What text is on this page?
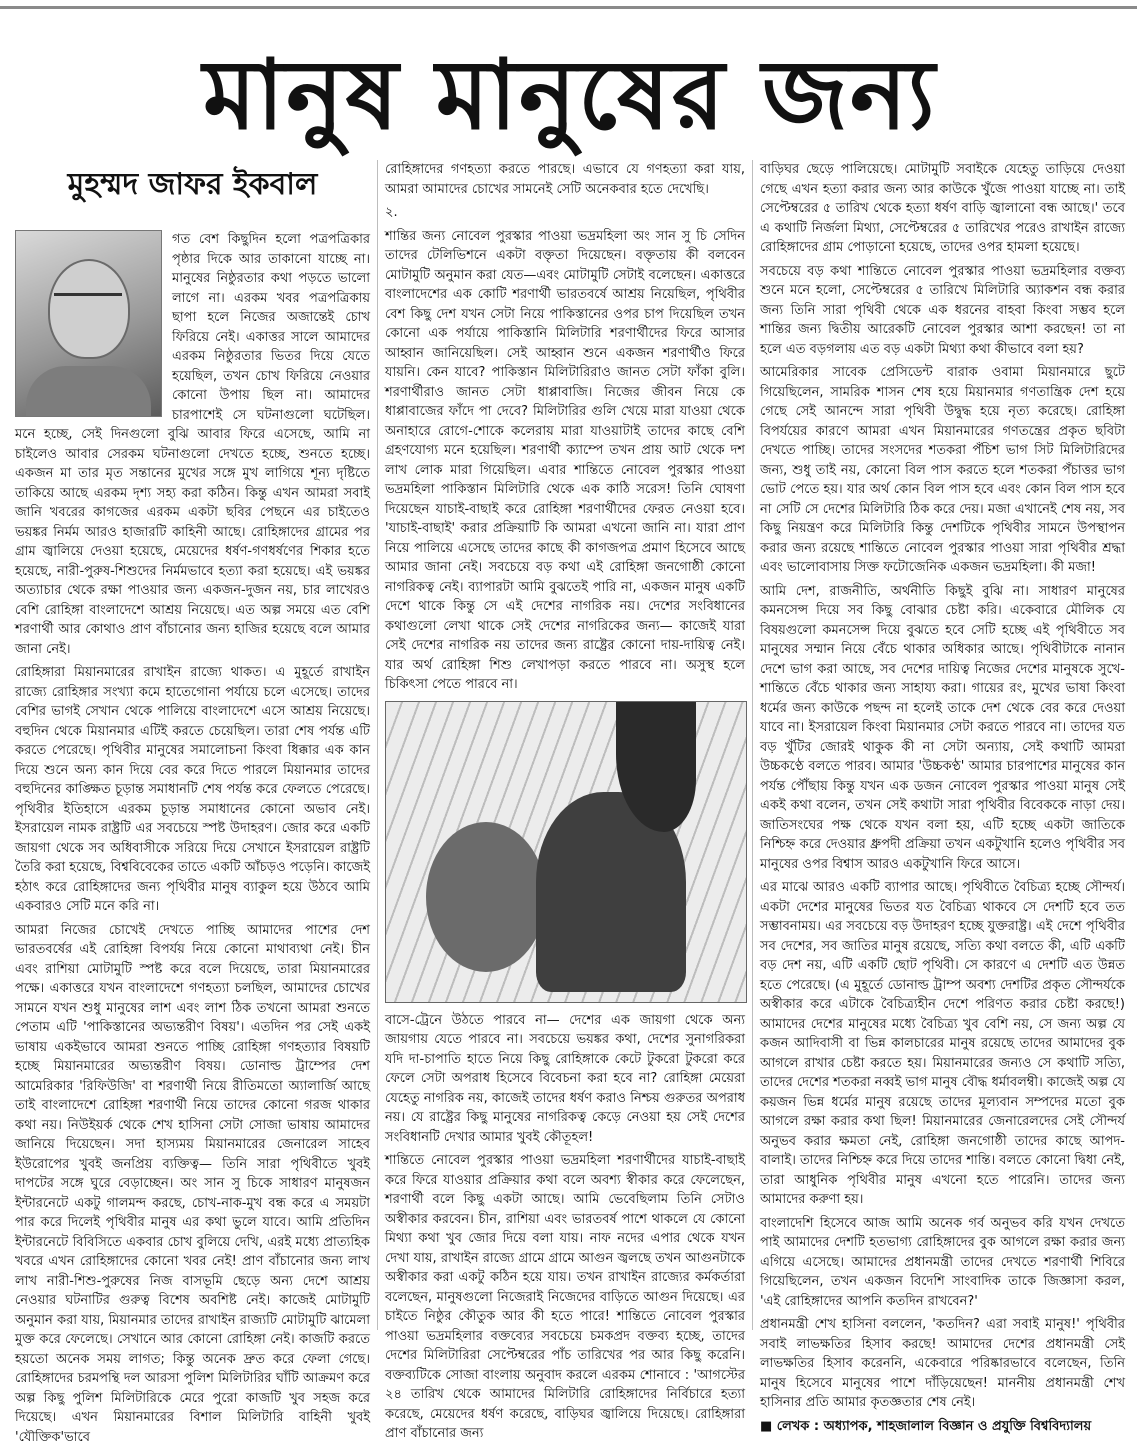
মানুষ মানুষের জন্য
মুহম্মদ জাফর ইকবাল

গত বেশ কিছুদিন হলো পত্রপত্রিকার পৃষ্ঠার দিকে আর তাকানো যাচ্ছে না। মানুষের নিষ্ঠুরতার কথা পড়তে ভালো লাগে না। এরকম খবর পত্রপত্রিকায় ছাপা হলে নিজের অজান্তেই চোখ ফিরিয়ে নেই। একাত্তর সালে আমাদের এরকম নিষ্ঠুরতার ভিতর দিয়ে যেতে হয়েছিল, তখন চোখ ফিরিয়ে নেওয়ার কোনো উপায় ছিল না। আমাদের চারপাশেই সে ঘটনাগুলো ঘটেছিল। মনে হচ্ছে, সেই দিনগুলো বুঝি আবার ফিরে এসেছে, আমি না চাইলেও আবার সেরকম ঘটনাগুলো দেখতে হচ্ছে, শুনতে হচ্ছে। একজন মা তার মৃত সন্তানের মুখের সঙ্গে মুখ লাগিয়ে শূন্য দৃষ্টিতে তাকিয়ে আছে এরকম দৃশ্য সহ্য করা কঠিন। কিন্তু এখন আমরা সবাই জানি খবরের কাগজের এরকম একটা ছবির পেছনে এর চাইতেও ভয়ঙ্কর নির্মম আরও হাজারটি কাহিনী আছে। রোহিঙ্গাদের গ্রামের পর গ্রাম জ্বালিয়ে দেওয়া হয়েছে, মেয়েদের ধর্ষণ-গণধর্ষণের শিকার হতে হয়েছে, নারী-পুরুষ-শিশুদের নির্মমভাবে হত্যা করা হয়েছে। এই ভয়ঙ্কর অত্যাচার থেকে রক্ষা পাওয়ার জন্য একজন-দুজন নয়, চার লাখেরও বেশি রোহিঙ্গা বাংলাদেশে আশ্রয় নিয়েছে। এত অল্প সময়ে এত বেশি শরণার্থী আর কোথাও প্রাণ বাঁচানোর জন্য হাজির হয়েছে বলে আমার জানা নেই।

রোহিঙ্গারা মিয়ানমারের রাখাইন রাজ্যে থাকত। এ মুহূর্তে রাখাইন রাজ্যে রোহিঙ্গার সংখ্যা কমে হাতেগোনা পর্যায়ে চলে এসেছে। তাদের বেশির ভাগই সেখান থেকে পালিয়ে বাংলাদেশে এসে আশ্রয় নিয়েছে। বহুদিন থেকে মিয়ানমার এটিই করতে চেয়েছিল। তারা শেষ পর্যন্ত এটি করতে পেরেছে। পৃথিবীর মানুষের সমালোচনা কিংবা ধিক্কার এক কান দিয়ে শুনে অন্য কান দিয়ে বের করে দিতে পারলে মিয়ানমার তাদের বহুদিনের কাঙ্ক্ষিত চূড়ান্ত সমাধানটি শেষ পর্যন্ত করে ফেলতে পেরেছে। পৃথিবীর ইতিহাসে এরকম চূড়ান্ত সমাধানের কোনো অভাব নেই। ইসরায়েল নামক রাষ্ট্রটি এর সবচেয়ে স্পষ্ট উদাহরণ। জোর করে একটি জায়গা থেকে সব অধিবাসীকে সরিয়ে দিয়ে সেখানে ইসরায়েল রাষ্ট্রটি তৈরি করা হয়েছে, বিশ্ববিবেকের তাতে একটি আঁচড়ও পড়েনি। কাজেই হঠাৎ করে রোহিঙ্গাদের জন্য পৃথিবীর মানুষ ব্যাকুল হয়ে উঠবে আমি একবারও সেটি মনে করি না।

আমরা নিজের চোখেই দেখতে পাচ্ছি আমাদের পাশের দেশ ভারতবর্ষের এই রোহিঙ্গা বিপর্যয় নিয়ে কোনো মাথাব্যথা নেই। চীন এবং রাশিয়া মোটামুটি স্পষ্ট করে বলে দিয়েছে, তারা মিয়ানমারের পক্ষে। একাত্তরে যখন বাংলাদেশে গণহত্যা চলছিল, আমাদের চোখের সামনে যখন শুধু মানুষের লাশ এবং লাশ ঠিক তখনো আমরা শুনতে পেতাম এটি 'পাকিস্তানের অভ্যন্তরীণ বিষয়'। এতদিন পর সেই একই ভাষায় একইভাবে আমরা শুনতে পাচ্ছি রোহিঙ্গা গণহত্যার বিষয়টি হচ্ছে মিয়ানমারের অভ্যন্তরীণ বিষয়। ডোনাল্ড ট্রাম্পের দেশ আমেরিকার 'রিফিউজি' বা শরণার্থী নিয়ে রীতিমতো অ্যালার্জি আছে তাই বাংলাদেশে রোহিঙ্গা শরণার্থী নিয়ে তাদের কোনো গরজ থাকার কথা নয়। নিউইয়র্ক থেকে শেখ হাসিনা সেটা সোজা ভাষায় আমাদের জানিয়ে দিয়েছেন। সদা হাস্যময় মিয়ানমারের জেনারেল সাহেব ইউরোপের খুবই জনপ্রিয় ব্যক্তিত্ব— তিনি সারা পৃথিবীতে খুবই দাপটের সঙ্গে ঘুরে বেড়াচ্ছেন। অং সান সু চিকে সাধারণ মানুষজন ইন্টারনেটে একটু গালমন্দ করছে, চোখ-নাক-মুখ বন্ধ করে এ সময়টা পার করে দিলেই পৃথিবীর মানুষ এর কথা ভুলে যাবে। আমি প্রতিদিন ইন্টারনেটে বিবিসিতে একবার চোখ বুলিয়ে দেখি, এরই মধ্যে প্রাত্যহিক খবরে এখন রোহিঙ্গাদের কোনো খবর নেই! প্রাণ বাঁচানোর জন্য লাখ লাখ নারী-শিশু-পুরুষের নিজ বাসভূমি ছেড়ে অন্য দেশে আশ্রয় নেওয়ার ঘটনাটির গুরুত্ব বিশেষ অবশিষ্ট নেই। কাজেই মোটামুটি অনুমান করা যায়, মিয়ানমার তাদের রাখাইন রাজ্যটি মোটামুটি ঝামেলা মুক্ত করে ফেলেছে। সেখানে আর কোনো রোহিঙ্গা নেই। কাজটি করতে হয়তো অনেক সময় লাগত; কিন্তু অনেক দ্রুত করে ফেলা গেছে। রোহিঙ্গাদের চরমপন্থি দল আরসা পুলিশ মিলিটারির ঘাঁটি আক্রমণ করে অল্প কিছু পুলিশ মিলিটারিকে মেরে পুরো কাজটি খুব সহজ করে দিয়েছে। এখন মিয়ানমারের বিশাল মিলিটারি বাহিনী খুবই 'যৌক্তিক'ভাবে

রোহিঙ্গাদের গণহত্যা করতে পারছে। এভাবে যে গণহত্যা করা যায়, আমরা আমাদের চোখের সামনেই সেটি অনেকবার হতে দেখেছি।

২.

শান্তির জন্য নোবেল পুরস্কার পাওয়া ভদ্রমহিলা অং সান সু চি সেদিন তাদের টেলিভিশনে একটা বক্তৃতা দিয়েছেন। বক্তৃতায় কী বলবেন মোটামুটি অনুমান করা যেত—এবং মোটামুটি সেটাই বলেছেন। একাত্তরে বাংলাদেশের এক কোটি শরণার্থী ভারতবর্ষে আশ্রয় নিয়েছিল, পৃথিবীর বেশ কিছু দেশ যখন সেটা নিয়ে পাকিস্তানের ওপর চাপ দিয়েছিল তখন কোনো এক পর্যায়ে পাকিস্তানি মিলিটারি শরণার্থীদের ফিরে আসার আহ্বান জানিয়েছিল। সেই আহ্বান শুনে একজন শরণার্থীও ফিরে যায়নি। কেন যাবে? পাকিস্তান মিলিটারিরাও জানত সেটা ফাঁকা বুলি। শরণার্থীরাও জানত সেটা ধাপ্পাবাজি। নিজের জীবন নিয়ে কে ধাপ্পাবাজের ফাঁদে পা দেবে? মিলিটারির গুলি খেয়ে মারা যাওয়া থেকে অনাহারে রোগে-শোকে কলেরায় মারা যাওয়াটাই তাদের কাছে বেশি গ্রহণযোগ্য মনে হয়েছিল। শরণার্থী ক্যাম্পে তখন প্রায় আট থেকে দশ লাখ লোক মারা গিয়েছিল। এবার শান্তিতে নোবেল পুরস্কার পাওয়া ভদ্রমহিলা পাকিস্তান মিলিটারি থেকে এক কাঠি সরেস! তিনি ঘোষণা দিয়েছেন যাচাই-বাছাই করে রোহিঙ্গা শরণার্থীদের ফেরত নেওয়া হবে। 'যাচাই-বাছাই' করার প্রক্রিয়াটি কি আমরা এখনো জানি না। যারা প্রাণ নিয়ে পালিয়ে এসেছে তাদের কাছে কী কাগজপত্র প্রমাণ হিসেবে আছে আমার জানা নেই। সবচেয়ে বড় কথা এই রোহিঙ্গা জনগোষ্ঠী কোনো নাগরিকত্ব নেই। ব্যাপারটা আমি বুঝতেই পারি না, একজন মানুষ একটি দেশে থাকে কিন্তু সে এই দেশের নাগরিক নয়। দেশের সংবিধানের কথাগুলো লেখা থাকে সেই দেশের নাগরিকের জন্য— কাজেই যারা সেই দেশের নাগরিক নয় তাদের জন্য রাষ্ট্রের কোনো দায়-দায়িত্ব নেই। যার অর্থ রোহিঙ্গা শিশু লেখাপড়া করতে পারবে না। অসুস্থ হলে চিকিৎসা পেতে পারবে না।

বাসে-ট্রেনে উঠতে পারবে না— দেশের এক জায়গা থেকে অন্য জায়গায় যেতে পারবে না। সবচেয়ে ভয়ঙ্কর কথা, দেশের সুনাগরিকরা যদি দা-চাপাতি হাতে নিয়ে কিছু রোহিঙ্গাকে কেটে টুকরো টুকরো করে ফেলে সেটা অপরাধ হিসেবে বিবেচনা করা হবে না? রোহিঙ্গা মেয়েরা যেহেতু নাগরিক নয়, কাজেই তাদের ধর্ষণ করাও নিশ্চয় গুরুতর অপরাধ নয়। যে রাষ্ট্রের কিছু মানুষের নাগরিকত্ব কেড়ে নেওয়া হয় সেই দেশের সংবিধানটি দেখার আমার খুবই কৌতূহল!

শান্তিতে নোবেল পুরস্কার পাওয়া ভদ্রমহিলা শরণার্থীদের যাচাই-বাছাই করে ফিরে যাওয়ার প্রক্রিয়ার কথা বলে অবশ্য স্বীকার করে ফেলেছেন, শরণার্থী বলে কিছু একটা আছে। আমি ভেবেছিলাম তিনি সেটাও অস্বীকার করবেন। চীন, রাশিয়া এবং ভারতবর্ষ পাশে থাকলে যে কোনো মিথ্যা কথা খুব জোর দিয়ে বলা যায়। নাফ নদের এপার থেকে যখন দেখা যায়, রাখাইন রাজ্যে গ্রামে গ্রামে আগুন জ্বলছে তখন আগুনটাকে অস্বীকার করা একটু কঠিন হয়ে যায়। তখন রাখাইন রাজ্যের কর্মকর্তারা বলেছেন, মানুষগুলো নিজেরাই নিজেদের বাড়িতে আগুন দিয়েছে। এর চাইতে নিষ্ঠুর কৌতুক আর কী হতে পারে! শান্তিতে নোবেল পুরস্কার পাওয়া ভদ্রমহিলার বক্তব্যের সবচেয়ে চমকপ্রদ বক্তব্য হচ্ছে, তাদের দেশের মিলিটারিরা সেপ্টেম্বরের পাঁচ তারিখের পর আর কিছু করেনি। বক্তব্যটিকে সোজা বাংলায় অনুবাদ করলে এরকম শোনাবে : 'আগস্টের ২৪ তারিখ থেকে আমাদের মিলিটারি রোহিঙ্গাদের নির্বিচারে হত্যা করেছে, মেয়েদের ধর্ষণ করেছে, বাড়িঘর জ্বালিয়ে দিয়েছে। রোহিঙ্গারা প্রাণ বাঁচানোর জন্য

বাড়িঘর ছেড়ে পালিয়েছে। মোটামুটি সবাইকে যেহেতু তাড়িয়ে দেওয়া গেছে এখন হত্যা করার জন্য আর কাউকে খুঁজে পাওয়া যাচ্ছে না। তাই সেপ্টেম্বরের ৫ তারিখ থেকে হত্যা ধর্ষণ বাড়ি জ্বালানো বন্ধ আছে।' তবে এ কথাটি নির্জলা মিথ্যা, সেপ্টেম্বরের ৫ তারিখের পরেও রাখাইন রাজ্যে রোহিঙ্গাদের গ্রাম পোড়ানো হয়েছে, তাদের ওপর হামলা হয়েছে।

সবচেয়ে বড় কথা শান্তিতে নোবেল পুরস্কার পাওয়া ভদ্রমহিলার বক্তব্য শুনে মনে হলো, সেপ্টেম্বরের ৫ তারিখে মিলিটারি অ্যাকশন বন্ধ করার জন্য তিনি সারা পৃথিবী থেকে এক ধরনের বাহবা কিংবা সম্ভব হলে শান্তির জন্য দ্বিতীয় আরেকটি নোবেল পুরস্কার আশা করছেন! তা না হলে এত বড়গলায় এত বড় একটা মিথ্যা কথা কীভাবে বলা হয়?

আমেরিকার সাবেক প্রেসিডেন্ট বারাক ওবামা মিয়ানমারে ছুটে গিয়েছিলেন, সামরিক শাসন শেষ হয়ে মিয়ানমার গণতান্ত্রিক দেশ হয়ে গেছে সেই আনন্দে সারা পৃথিবী উদ্বুদ্ধ হয়ে নৃত্য করেছে। রোহিঙ্গা বিপর্যয়ের কারণে আমরা এখন মিয়ানমারের গণতন্ত্রের প্রকৃত ছবিটা দেখতে পাচ্ছি। তাদের সংসদের শতকরা পঁচিশ ভাগ সিট মিলিটারিদের জন্য, শুধু তাই নয়, কোনো বিল পাস করতে হলে শতকরা পঁচাত্তর ভাগ ভোট পেতে হয়। যার অর্থ কোন বিল পাস হবে এবং কোন বিল পাস হবে না সেটি সে দেশের মিলিটারি ঠিক করে দেয়। মজা এখানেই শেষ নয়, সব কিছু নিয়ন্ত্রণ করে মিলিটারি কিন্তু দেশটিকে পৃথিবীর সামনে উপস্থাপন করার জন্য রয়েছে শান্তিতে নোবেল পুরস্কার পাওয়া সারা পৃথিবীর শ্রদ্ধা এবং ভালোবাসায় সিক্ত ফটোজেনিক একজন ভদ্রমহিলা। কী মজা!

আমি দেশ, রাজনীতি, অর্থনীতি কিছুই বুঝি না। সাধারণ মানুষের কমনসেন্স দিয়ে সব কিছু বোঝার চেষ্টা করি। একেবারে মৌলিক যে বিষয়গুলো কমনসেন্স দিয়ে বুঝতে হবে সেটি হচ্ছে এই পৃথিবীতে সব মানুষের সম্মান নিয়ে বেঁচে থাকার অধিকার আছে। পৃথিবীটাকে নানান দেশে ভাগ করা আছে, সব দেশের দায়িত্ব নিজের দেশের মানুষকে সুখে-শান্তিতে বেঁচে থাকার জন্য সাহায্য করা। গায়ের রং, মুখের ভাষা কিংবা ধর্মের জন্য কাউকে পছন্দ না হলেই তাকে দেশ থেকে বের করে দেওয়া যাবে না। ইসরায়েল কিংবা মিয়ানমার সেটা করতে পারবে না। তাদের যত বড় খুঁটির জোরই থাকুক কী না সেটা অন্যায়, সেই কথাটি আমরা উচ্চকণ্ঠে বলতে পারব। আমার 'উচ্চকণ্ঠ' আমার চারপাশের মানুষের কান পর্যন্ত পৌঁছায় কিন্তু যখন এক ডজন নোবেল পুরস্কার পাওয়া মানুষ সেই একই কথা বলেন, তখন সেই কথাটা সারা পৃথিবীর বিবেককে নাড়া দেয়। জাতিসংঘের পক্ষ থেকে যখন বলা হয়, এটি হচ্ছে একটা জাতিকে নিশ্চিহ্ন করে দেওয়ার ধ্রুপদী প্রক্রিয়া তখন একটুখানি হলেও পৃথিবীর সব মানুষের ওপর বিশ্বাস আরও একটুখানি ফিরে আসে।

এর মাঝে আরও একটি ব্যাপার আছে। পৃথিবীতে বৈচিত্র্য হচ্ছে সৌন্দর্য। একটা দেশের মানুষের ভিতর যত বৈচিত্র্য থাকবে সে দেশটি হবে তত সম্ভাবনাময়। এর সবচেয়ে বড় উদাহরণ হচ্ছে যুক্তরাষ্ট্র। এই দেশে পৃথিবীর সব দেশের, সব জাতির মানুষ রয়েছে, সত্যি কথা বলতে কী, এটি একটি বড় দেশ নয়, এটি একটি ছোট পৃথিবী। সে কারণে এ দেশটি এত উন্নত হতে পেরেছে। (এ মুহূর্তে ডোনাল্ড ট্রাম্প অবশ্য দেশটির প্রকৃত সৌন্দর্যকে অস্বীকার করে এটাকে বৈচিত্র্যহীন দেশে পরিণত করার চেষ্টা করছে!) আমাদের দেশের মানুষের মধ্যে বৈচিত্র্য খুব বেশি নয়, সে জন্য অল্প যে কজন আদিবাসী বা ভিন্ন কালচারের মানুষ রয়েছে তাদের আমাদের বুক আগলে রাখার চেষ্টা করতে হয়। মিয়ানমারের জন্যও সে কথাটি সত্যি, তাদের দেশের শতকরা নব্বই ভাগ মানুষ বৌদ্ধ ধর্মাবলম্বী। কাজেই অল্প যে কয়জন ভিন্ন ধর্মের মানুষ রয়েছে তাদের মূল্যবান সম্পদের মতো বুক আগলে রক্ষা করার কথা ছিল! মিয়ানমারের জেনারেলদের সেই সৌন্দর্য অনুভব করার ক্ষমতা নেই, রোহিঙ্গা জনগোষ্ঠী তাদের কাছে আপদ-বালাই। তাদের নিশ্চিহ্ন করে দিয়ে তাদের শান্তি। বলতে কোনো দ্বিধা নেই, তারা আধুনিক পৃথিবীর মানুষ এখনো হতে পারেনি। তাদের জন্য আমাদের করুণা হয়।

বাংলাদেশি হিসেবে আজ আমি অনেক গর্ব অনুভব করি যখন দেখতে পাই আমাদের দেশটি হতভাগ্য রোহিঙ্গাদের বুক আগলে রক্ষা করার জন্য এগিয়ে এসেছে। আমাদের প্রধানমন্ত্রী তাদের দেখতে শরণার্থী শিবিরে গিয়েছিলেন, তখন একজন বিদেশি সাংবাদিক তাকে জিজ্ঞাসা করল, 'এই রোহিঙ্গাদের আপনি কতদিন রাখবেন?'

প্রধানমন্ত্রী শেখ হাসিনা বললেন, 'কতদিন? এরা সবাই মানুষ!' পৃথিবীর সবাই লাভক্ষতির হিসাব করছে! আমাদের দেশের প্রধানমন্ত্রী সেই লাভক্ষতির হিসাব করেননি, একেবারে পরিষ্কারভাবে বলেছেন, তিনি মানুষ হিসেবে মানুষের পাশে দাঁড়িয়েছেন! মাননীয় প্রধানমন্ত্রী শেখ হাসিনার প্রতি আমার কৃতজ্ঞতার শেষ নেই।

■ লেখক : অধ্যাপক, শাহজালাল বিজ্ঞান ও প্রযুক্তি বিশ্ববিদ্যালয়
